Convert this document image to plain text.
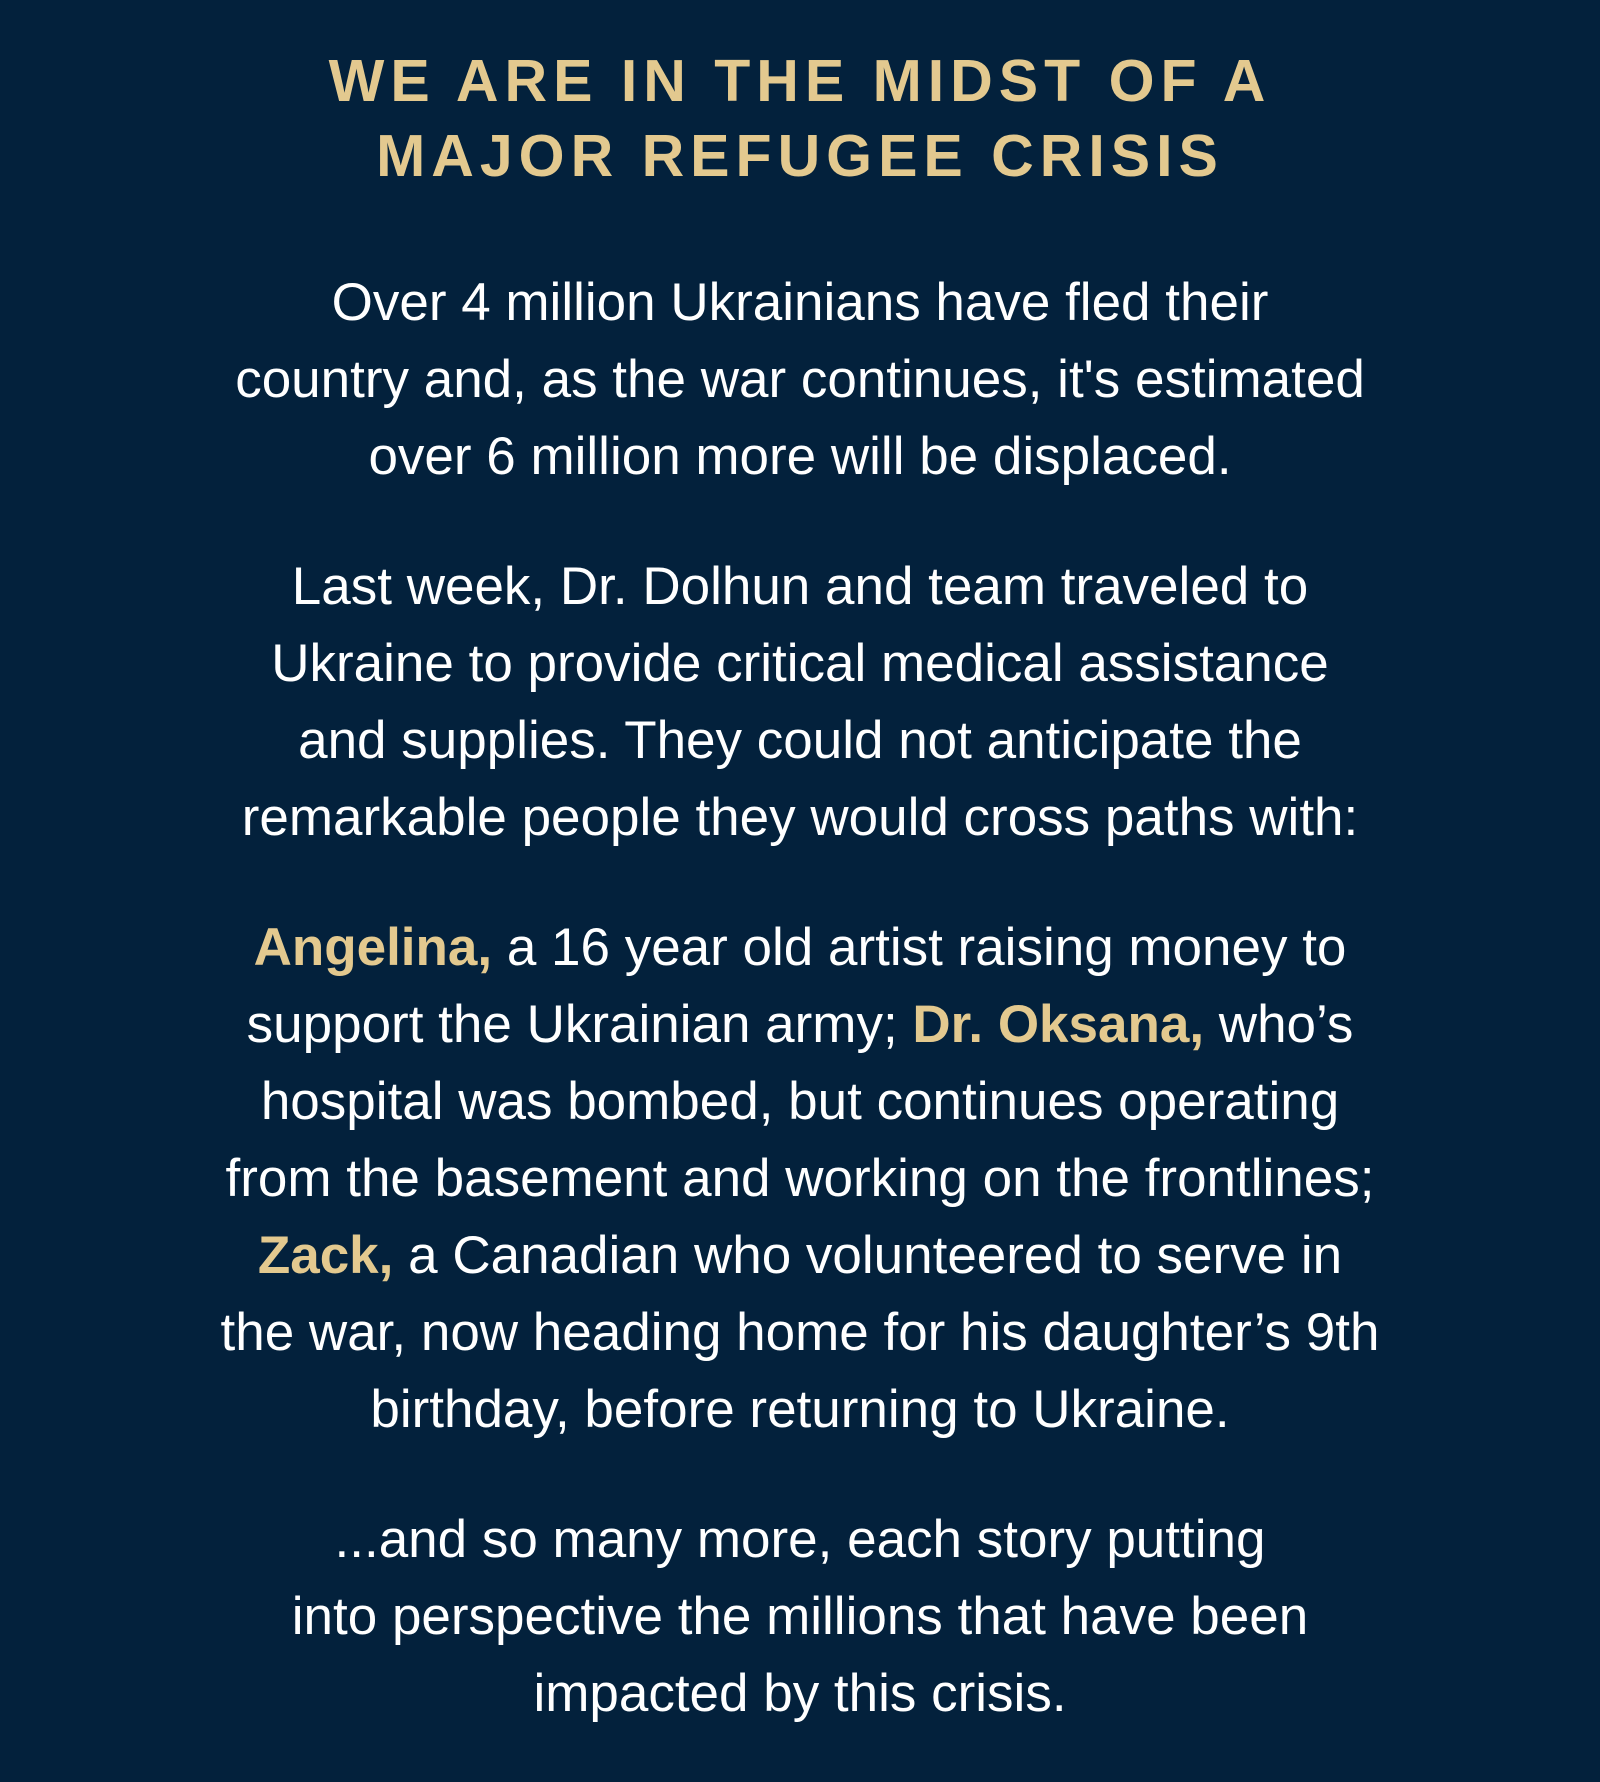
WE ARE IN THE MIDST OF A
MAJOR REFUGEE CRISIS

Over 4 million Ukrainians have fled their
country and, as the war continues, it's estimated
over 6 million more will be displaced.

Last week, Dr. Dolhun and team traveled to
Ukraine to provide critical medical assistance
and supplies. They could not anticipate the
remarkable people they would cross paths with:

Angelina, a 16 year old artist raising money to
support the Ukrainian army; Dr. Oksana, who’s
hospital was bombed, but continues operating
from the basement and working on the frontlines;
Zack, a Canadian who volunteered to serve in
the war, now heading home for his daughter’s 9th
birthday, before returning to Ukraine.

...and so many more, each story putting
into perspective the millions that have been
impacted by this crisis.
